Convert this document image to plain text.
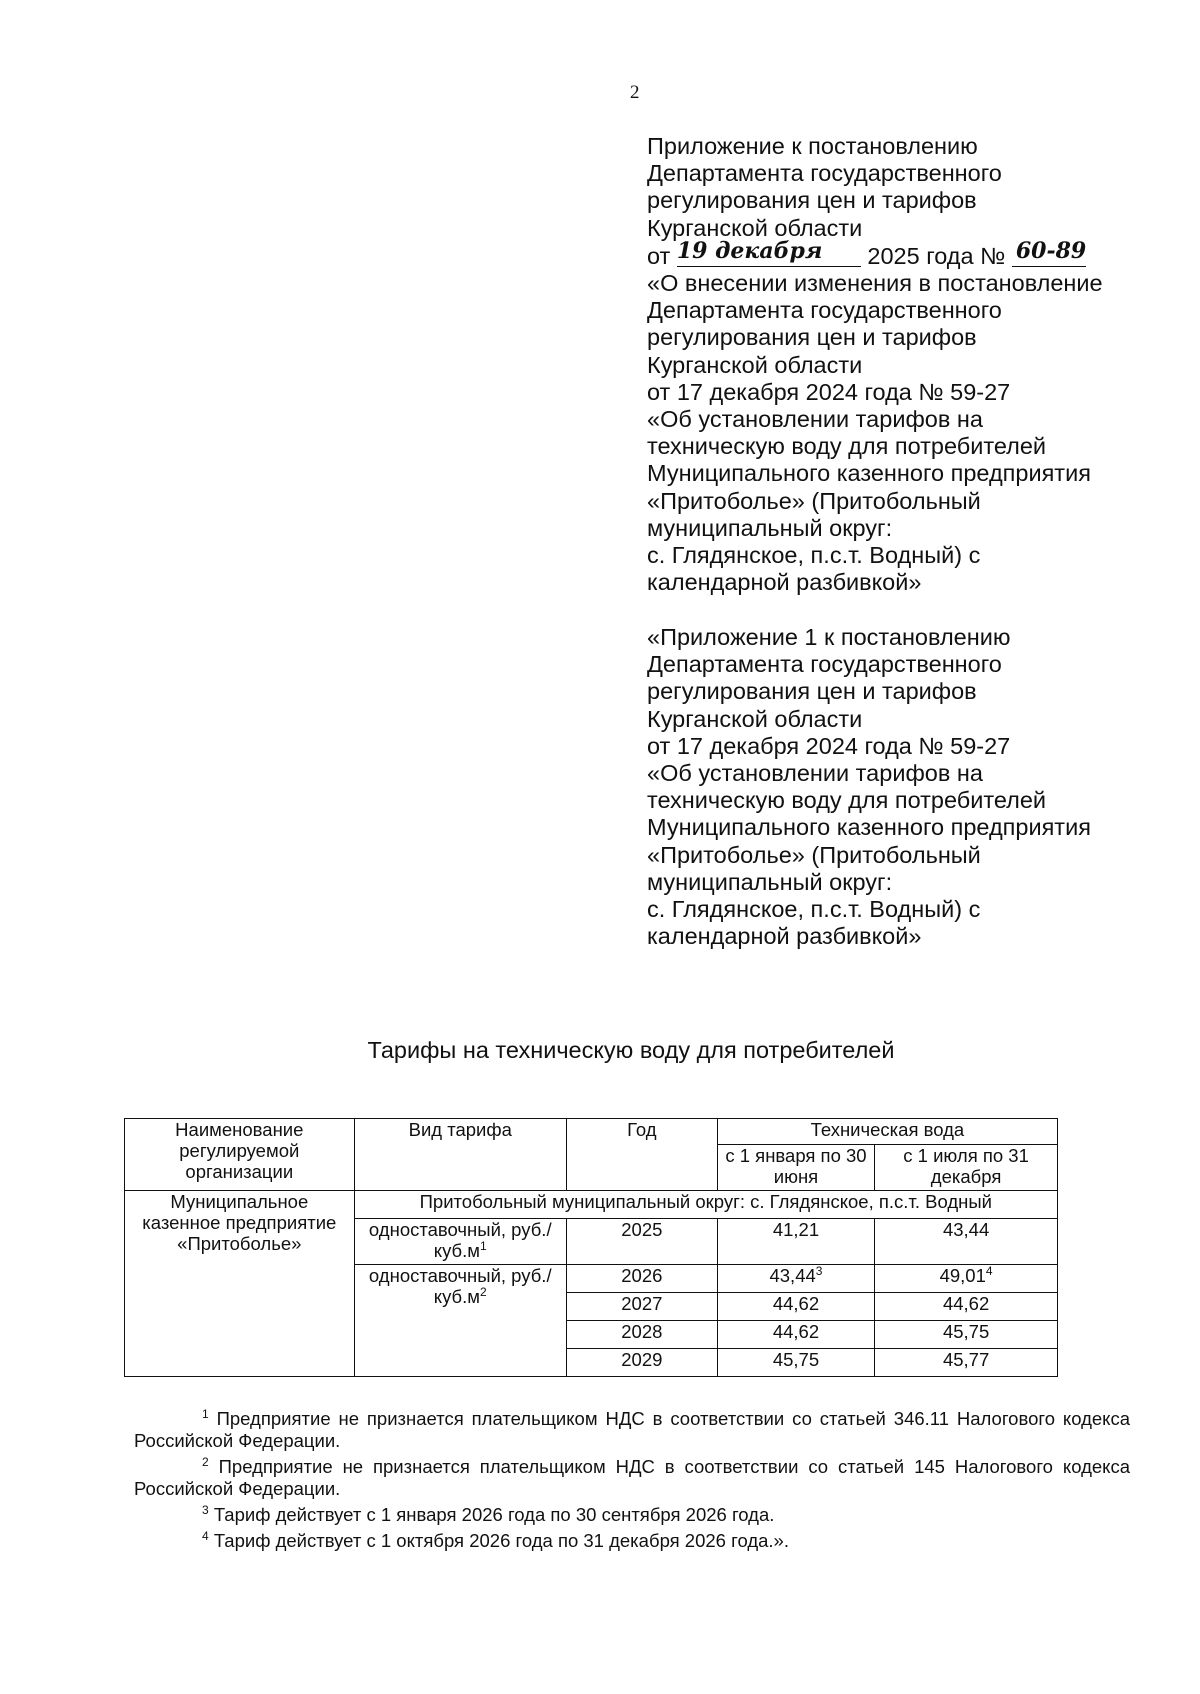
2
Приложение к постановлению
Департамента государственного
регулирования цен и тарифов
Курганской области
от 19 декабря 2025 года № 60-89
«О внесении изменения в постановление
Департамента государственного
регулирования цен и тарифов
Курганской области
от 17 декабря 2024 года № 59-27
«Об установлении тарифов на
техническую воду для потребителей
Муниципального казенного предприятия
«Притоболье» (Притобольный
муниципальный округ:
с. Глядянское, п.с.т. Водный) с
календарной разбивкой»
«Приложение 1 к постановлению
Департамента государственного
регулирования цен и тарифов
Курганской области
от 17 декабря 2024 года № 59-27
«Об установлении тарифов на
техническую воду для потребителей
Муниципального казенного предприятия
«Притоболье» (Притобольный
муниципальный округ:
с. Глядянское, п.с.т. Водный) с
календарной разбивкой»
Тарифы на техническую воду для потребителей
Наименование регулируемой организации	Вид тарифа	Год	Техническая вода	
			с 1 января по 30 июня	с 1 июля по 31 декабря
Муниципальное казенное предприятие «Притоболье»	Притобольный муниципальный округ: с. Глядянское, п.с.т. Водный			
	одноставочный, $руб./куб.м^1$	2025	41,21	43,44
	одноставочный, $руб./куб.м^2$	2026	43,44$^3$	49,01$^4$
		2027	44,62	44,62
		2028	44,62	45,75
		2029	45,75	45,77

$^1$ Предприятие не признается плательщиком НДС в соответствии со статьей 346.11 Налогового кодекса Российской Федерации.

$^2$ Предприятие не признается плательщиком НДС в соответствии со статьей 145 Налогового кодекса Российской Федерации.

$^3$ Тариф действует с 1 января 2026 года по 30 сентября 2026 года.

$^4$ Тариф действует с 1 октября 2026 года по 31 декабря 2026 года.».
